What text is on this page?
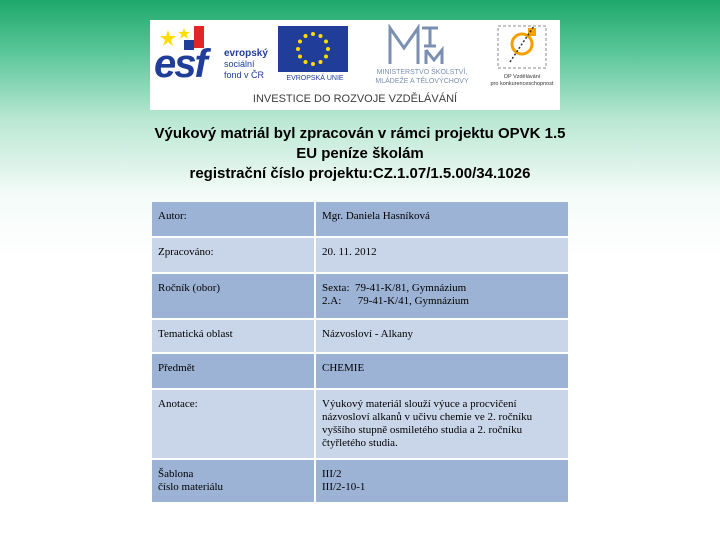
esf evropský
sociální
fond v ČR	EVROPSKÁ UNIE
MINISTERSTVO ŠKOLSTVÍ,
MLÁDEŽE A TĚLOVÝCHOVY
OP Vzdělávání
pro konkurenceschopnost
INVESTICE DO ROZVOJE VZDĚLÁVÁNÍ
Výukový matriál byl zpracován v rámci projektu OPVK 1.5
EU peníze školám
registrační číslo projektu:CZ.1.07/1.5.00/34.1026
Autor:	Mgr. Daniela Hasníková

Zpracováno:	20. 11. 2012

Ročník (obor)	Sexta:  79-41-K/81, Gymnázium
2.A:      79-41-K/41, Gymnázium

Tematická oblast	Názvosloví - Alkany

Předmět	CHEMIE

Anotace:	Výukový materiál slouží výuce a procvičení názvosloví alkanů v učivu chemie ve 2. ročníku vyššího stupně osmiletého studia a 2. ročníku čtyřletého studia.

Šablona
číslo materiálu	III/2
III/2-10-1
